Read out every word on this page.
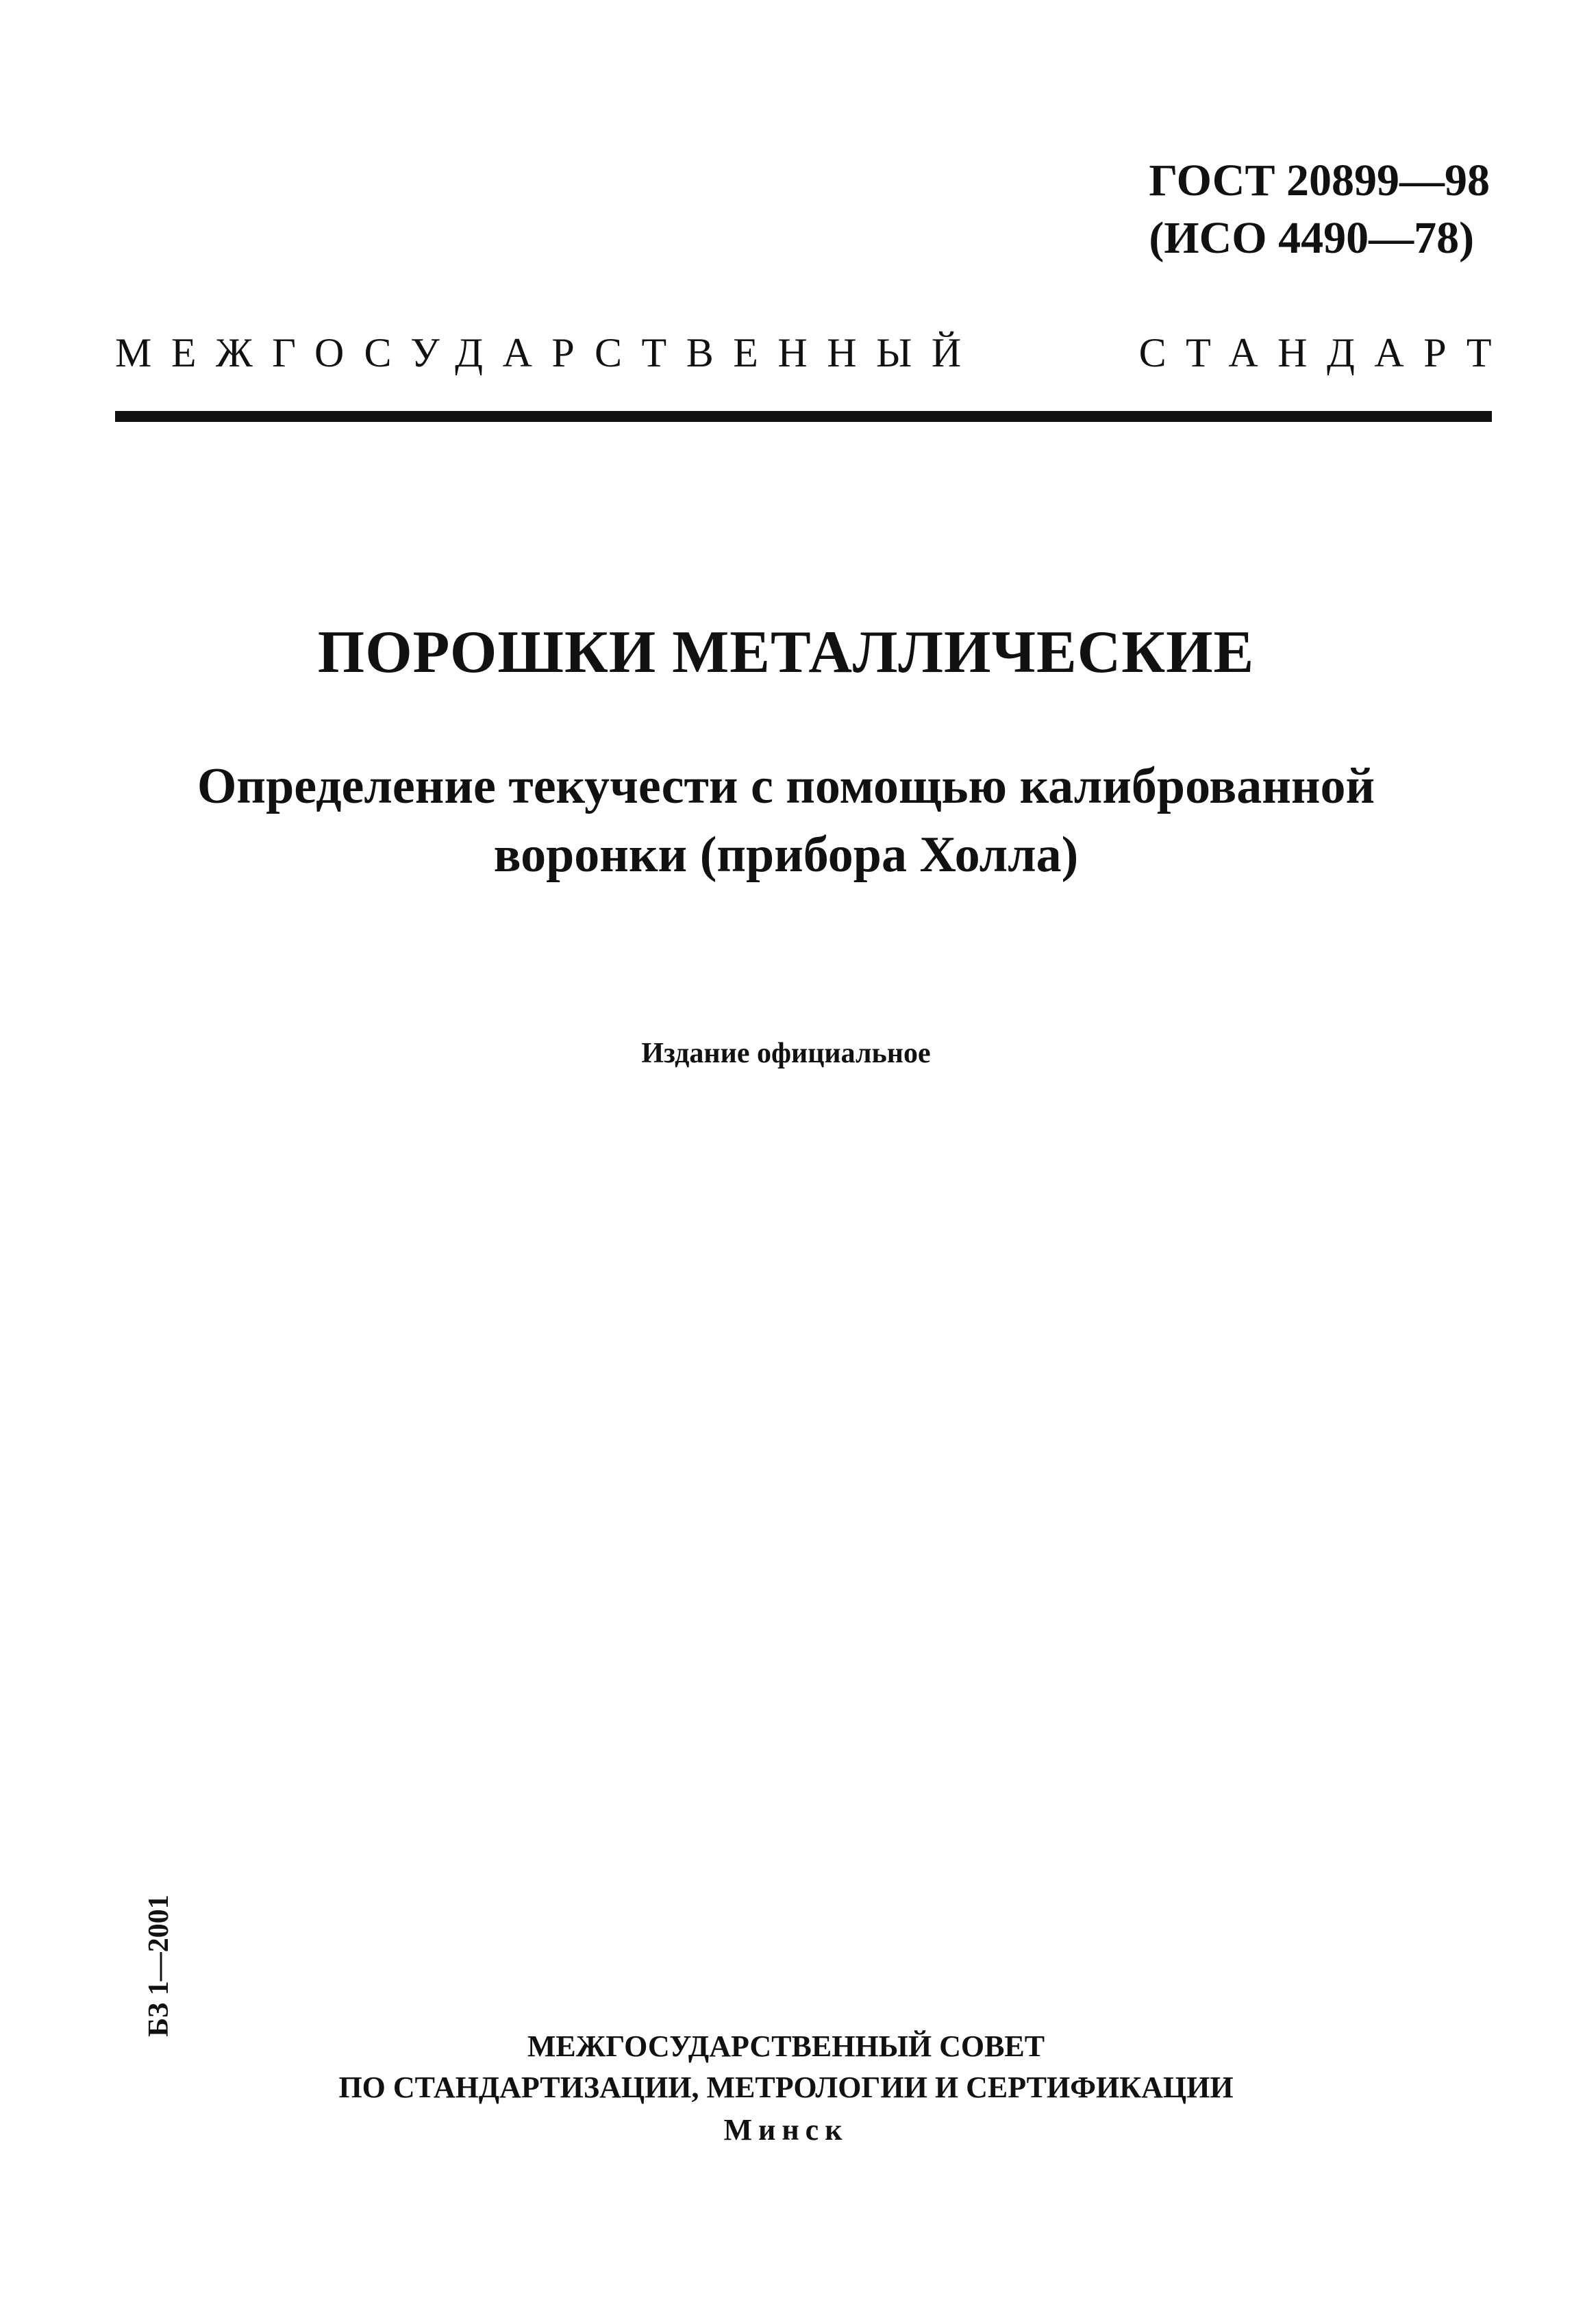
ГОСТ 20899—98
(ИСО 4490—78)
МЕЖГОСУДАРСТВЕННЫЙ	СТАНДАРТ
ПОРОШКИ МЕТАЛЛИЧЕСКИЕ
Определение текучести с помощью калиброванной
воронки (прибора Холла)
Издание официальное
БЗ 1—2001
МЕЖГОСУДАРСТВЕННЫЙ СОВЕТ
ПО СТАНДАРТИЗАЦИИ, МЕТРОЛОГИИ И СЕРТИФИКАЦИИ
Минск
